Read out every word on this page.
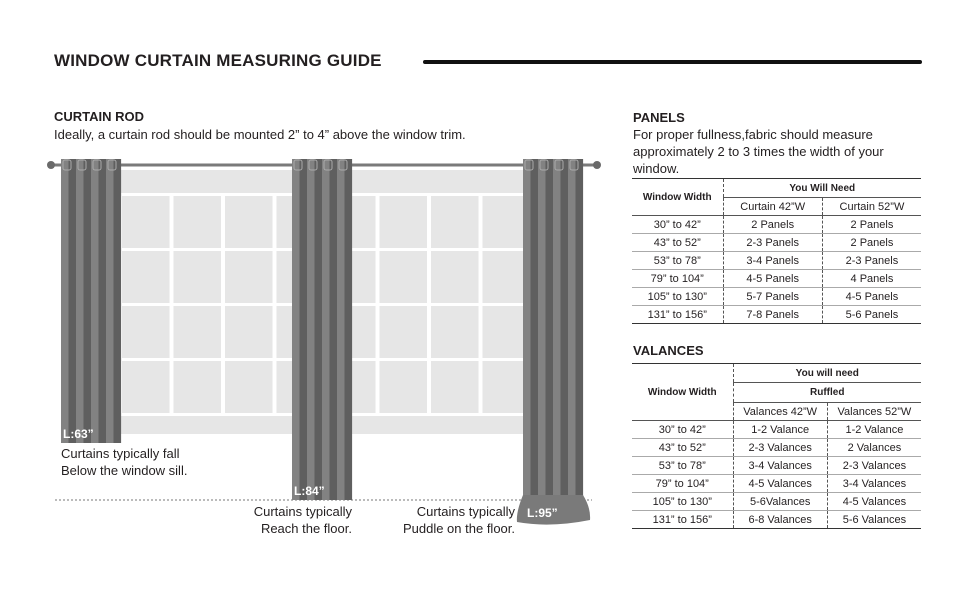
WINDOW CURTAIN MEASURING GUIDE
CURTAIN ROD
Ideally, a curtain rod should be mounted 2” to 4” above the window trim.
L:63”
L:84”
L:95”
Curtains typically fall
Below the window sill.
Curtains typically
Reach the floor.
Curtains typically
Puddle on the floor.
PANELS
For proper fullness,fabric should measure approximately 2 to 3 times the width of your window.
Window Width	You Will Need	
	Curtain 42”W	Curtain 52”W
30” to 42”	2 Panels	2 Panels
43” to 52”	2-3 Panels	2 Panels
53” to 78”	3-4 Panels	2-3 Panels
79” to 104”	4-5 Panels	4 Panels
105” to 130”	5-7 Panels	4-5 Panels
131” to 156”	7-8 Panels	5-6 Panels
VALANCES
Window Width	You will need	
	Ruffled	
	Valances 42”W	Valances 52”W
30” to 42”	1-2 Valance	1-2 Valance
43” to 52”	2-3 Valances	2 Valances
53” to 78”	3-4 Valances	2-3 Valances
79” to 104”	4-5 Valances	3-4 Valances
105” to 130”	5-6Valances	4-5 Valances
131” to 156”	6-8 Valances	5-6 Valances
